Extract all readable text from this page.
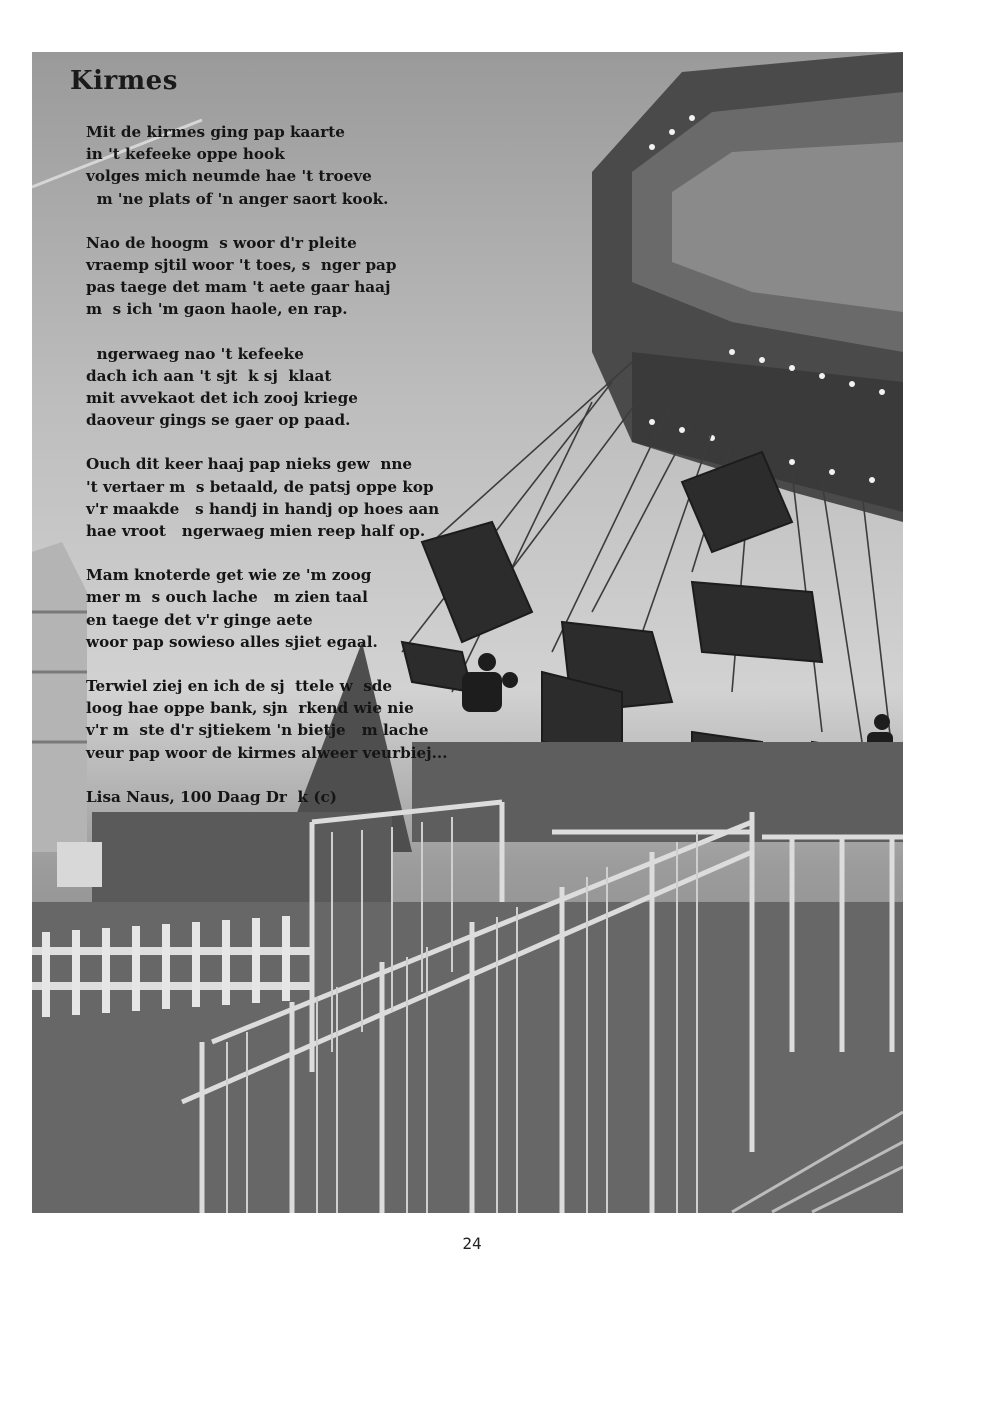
Kirmes
Mit de kirmes ging pap kaarte
in 't kefeeke oppe hook
volges mich neumde hae 't troeve
m 'ne plats of 'n anger saort kook.
Nao de hoogm  s woor d'r pleite
vraemp sjtil woor 't toes, s  nger pap
pas taege det mam 't aete gaar haaj
m  s ich 'm gaon haole, en rap.
ngerwaeg nao 't kefeeke
dach ich aan 't sjt  k sj  klaat
mit avvekaot det ich zooj kriege
daoveur gings se gaer op paad.
Ouch dit keer haaj pap nieks gew  nne
't vertaer m  s betaald, de patsj oppe kop
v'r maakde   s handj in handj op hoes aan
hae vroot   ngerwaeg mien reep half op.
Mam knoterde get wie ze 'm zoog
mer m  s ouch lache   m zien taal
en taege det v'r ginge aete
woor pap sowieso alles sjiet egaal.
Terwiel ziej en ich de sj  ttele w  sde
loog hae oppe bank, sjn  rkend wie nie
v'r m  ste d'r sjtiekem 'n bietje   m lache
veur pap woor de kirmes alweer veurbiej...
Lisa Naus, 100 Daag Dr  k (c)
24
